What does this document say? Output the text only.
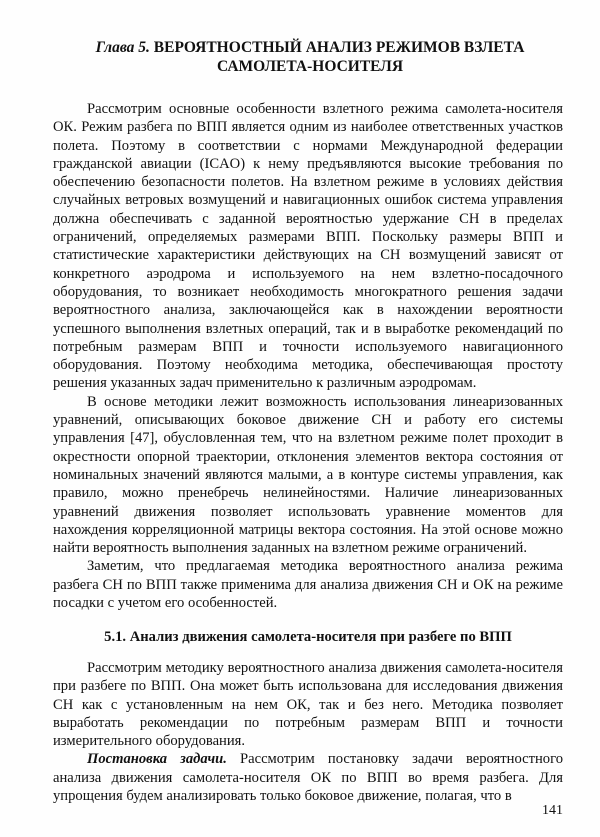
Глава 5. ВЕРОЯТНОСТНЫЙ АНАЛИЗ РЕЖИМОВ ВЗЛЕТА
САМОЛЕТА-НОСИТЕЛЯ

Рассмотрим основные особенности взлетного режима самолета-носителя ОК. Режим разбега по ВПП является одним из наиболее ответственных участков полета. Поэтому в соответствии с нормами Международной федерации гражданской авиации (ICAO) к нему предъявляются высокие требования по обеспечению безопасности полетов. На взлетном режиме в условиях действия случайных ветровых возмущений и навигационных ошибок система управления должна обеспечивать с заданной вероятностью удержание СН в пределах ограничений, определяемых размерами ВПП. Поскольку размеры ВПП и статистические характеристики действующих на СН возмущений зависят от конкретного аэродрома и используемого на нем взлетно-посадочного оборудования, то возникает необходимость многократного решения задачи вероятностного анализа, заключающейся как в нахождении вероятности успешного выполнения взлетных операций, так и в выработке рекомендаций по потребным размерам ВПП и точности используемого навигационного оборудования. Поэтому необходима методика, обеспечивающая простоту решения указанных задач применительно к различным аэродромам.

В основе методики лежит возможность использования линеаризованных уравнений, описывающих боковое движение СН и работу его системы управления [47], обусловленная тем, что на взлетном режиме полет проходит в окрестности опорной траектории, отклонения элементов вектора состояния от номинальных значений являются малыми, а в контуре системы управления, как правило, можно пренебречь нелинейностями. Наличие линеаризованных уравнений движения позволяет использовать уравнение моментов для нахождения корреляционной матрицы вектора состояния. На этой основе можно найти вероятность выполнения заданных на взлетном режиме ограничений.

Заметим, что предлагаемая методика вероятностного анализа режима разбега СН по ВПП также применима для анализа движения СН и ОК на режиме посадки с учетом его особенностей.

5.1. Анализ движения самолета-носителя при разбеге по ВПП

Рассмотрим методику вероятностного анализа движения самолета-носителя при разбеге по ВПП. Она может быть использована для исследования движения СН как с установленным на нем ОК, так и без него. Методика позволяет выработать рекомендации по потребным размерам ВПП и точности измерительного оборудования.

Постановка задачи. Рассмотрим постановку задачи вероятностного анализа движения самолета-носителя ОК по ВПП во время разбега. Для упрощения будем анализировать только боковое движение, полагая, что в

141
